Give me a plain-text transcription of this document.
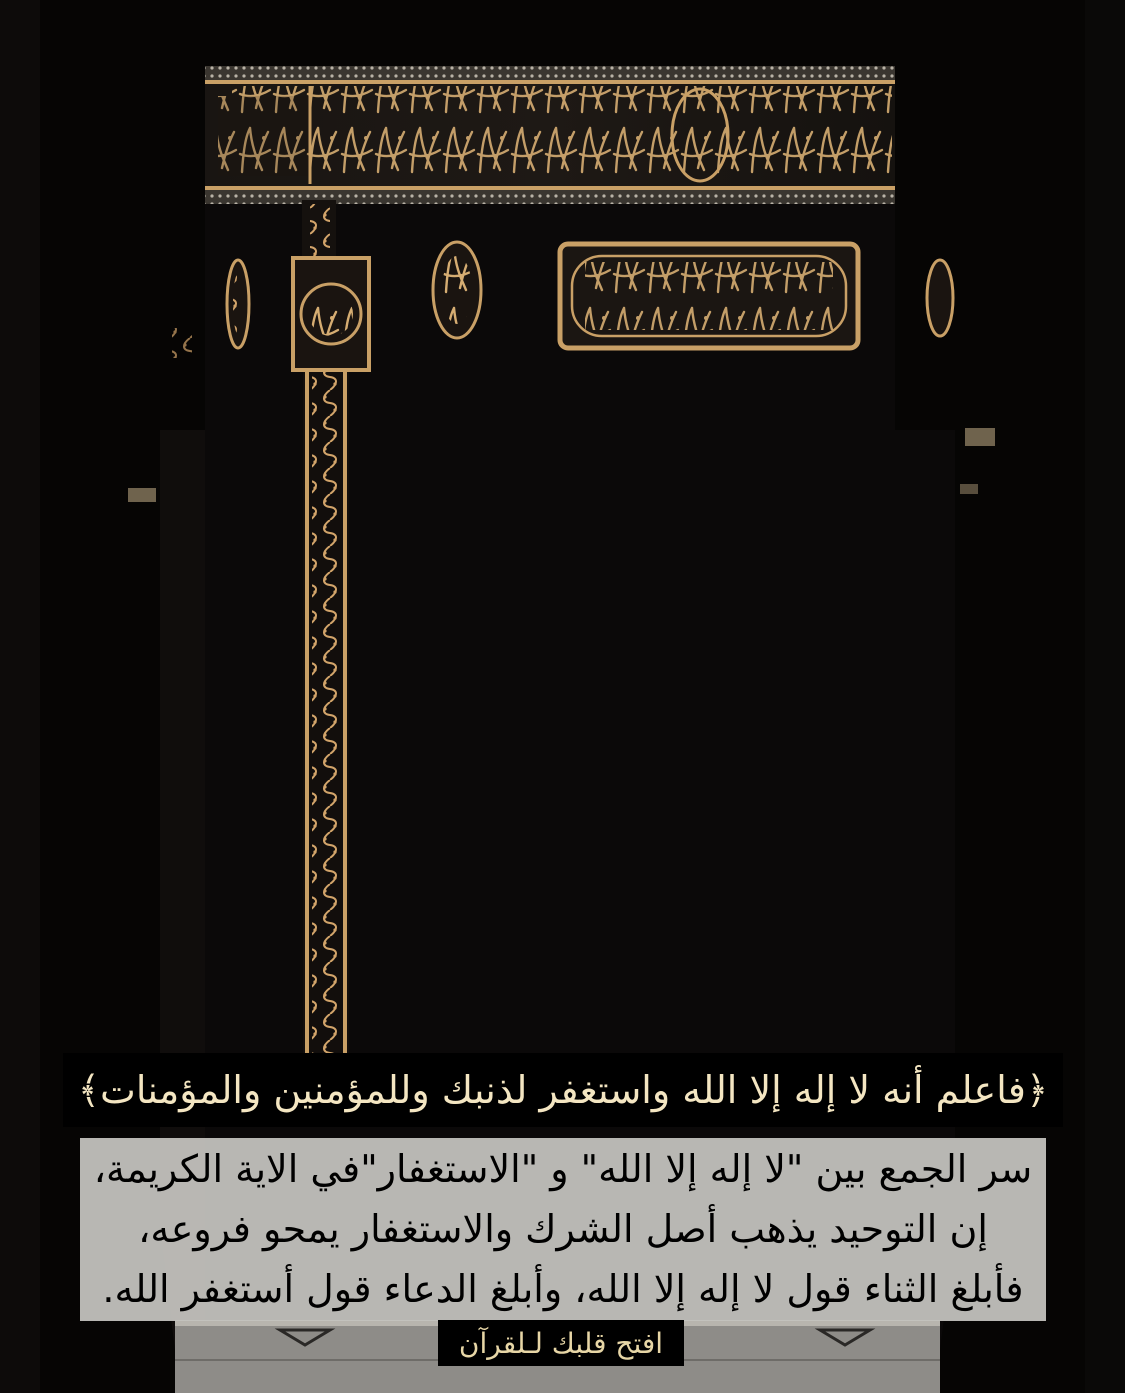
﴿فاعلم أنه لا إله إلا الله واستغفر لذنبك وللمؤمنين والمؤمنات﴾
سر الجمع بين "لا إله إلا الله" و "الاستغفار"في الاية الكريمة،
إن التوحيد يذهب أصل الشرك والاستغفار يمحو فروعه،
فأبلغ الثناء قول لا إله إلا الله، وأبلغ الدعاء قول أستغفر الله.
افتح قلبك لـلقرآن
